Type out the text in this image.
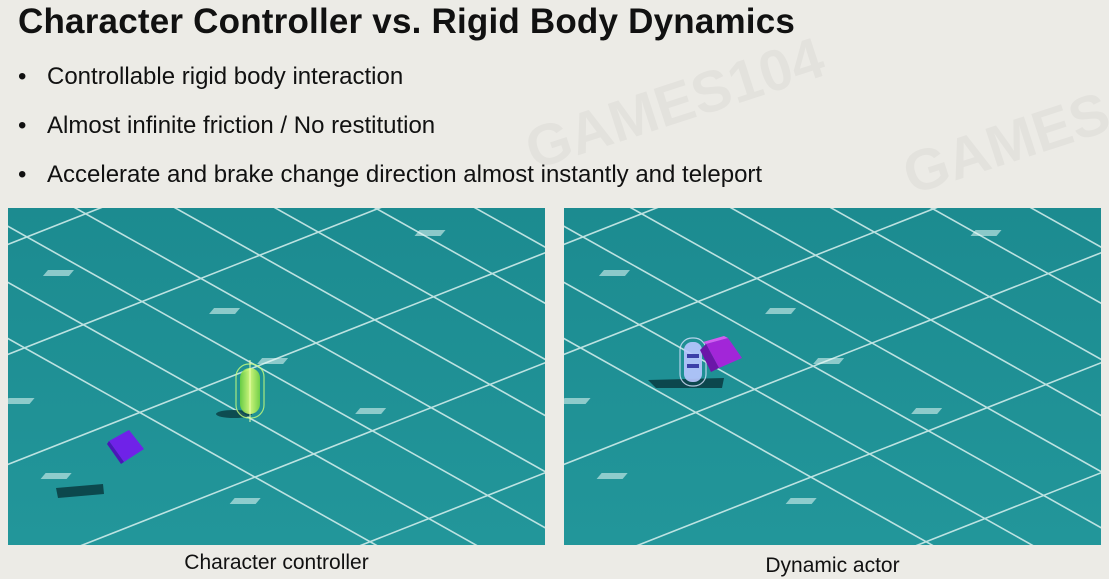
Character Controller vs. Rigid Body Dynamics
• Controllable rigid body interaction
• Almost infinite friction / No restitution
• Accelerate and brake change direction almost instantly and teleport
Character controller	Dynamic actor
